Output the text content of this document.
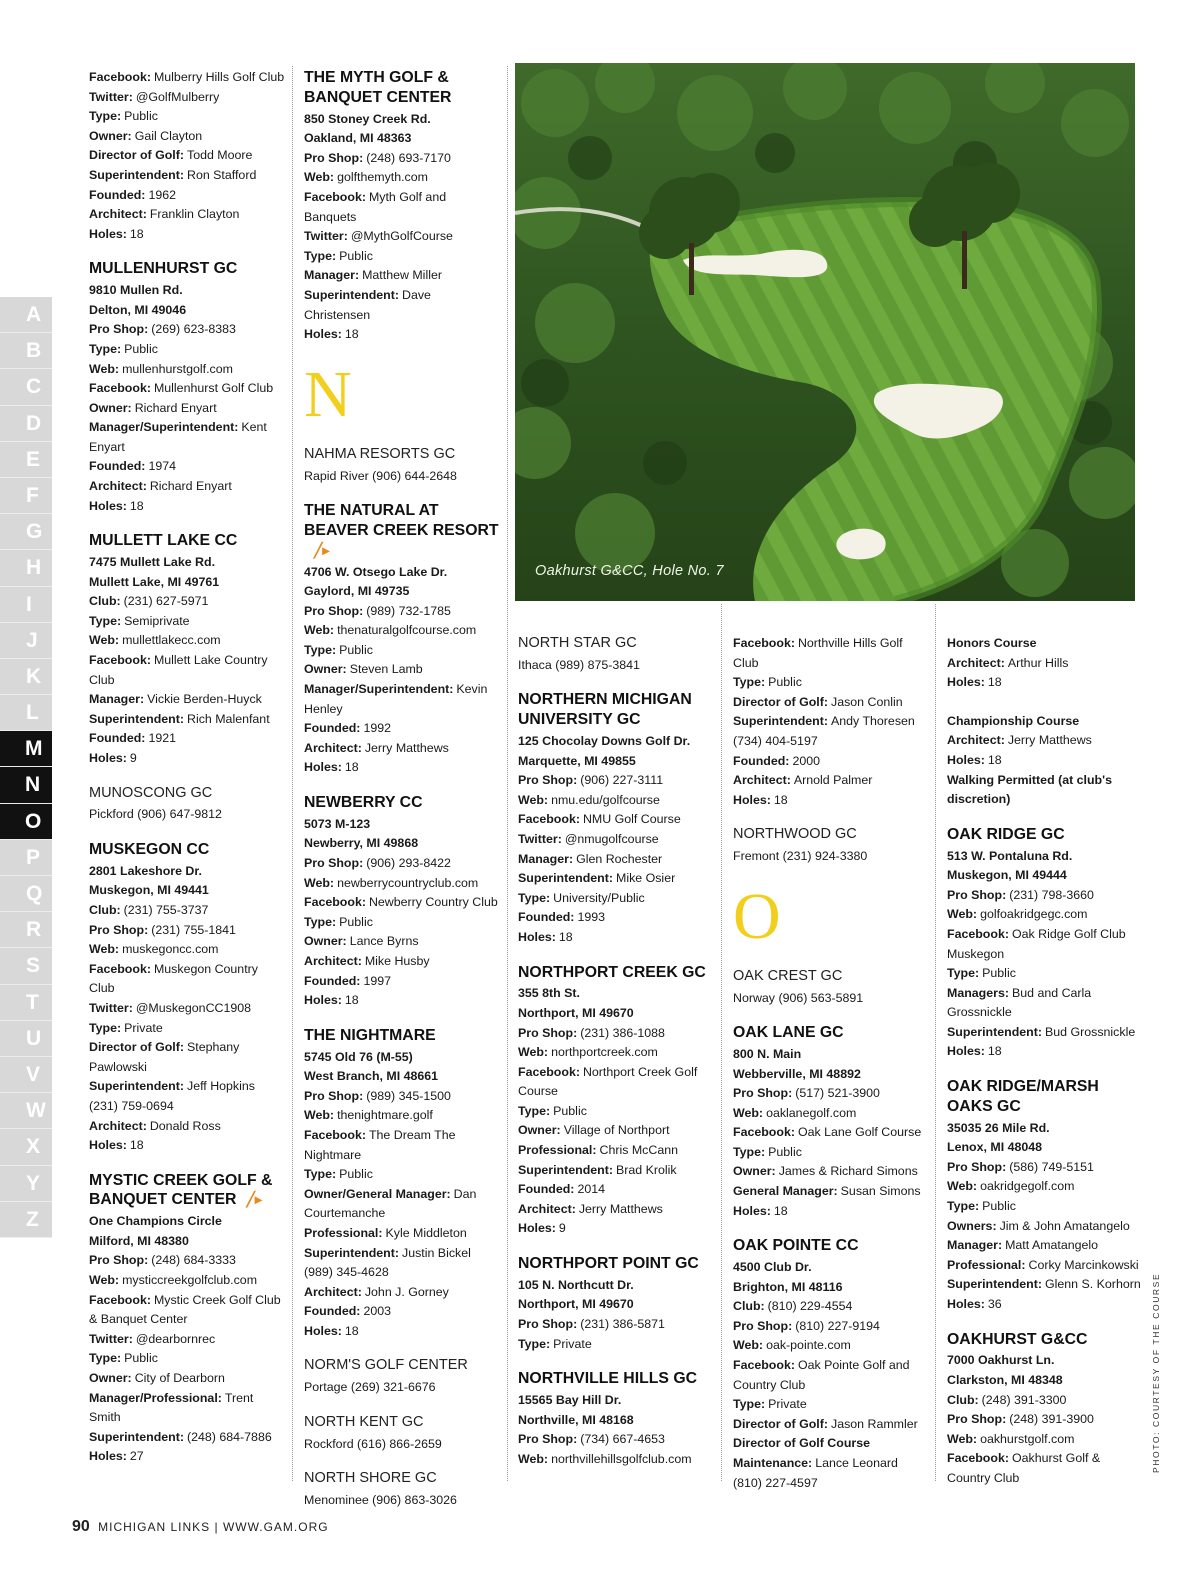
A
B
C
D
E
F
G
H
I
J
K
L
M
N
O
P
Q
R
S
T
U
V
W
X
Y
Z
Facebook: Mulberry Hills Golf Club
Twitter: @GolfMulberry
Type: Public
Owner: Gail Clayton
Director of Golf: Todd Moore
Superintendent: Ron Stafford
Founded: 1962
Architect: Franklin Clayton
Holes: 18
MULLENHURST GC
9810 Mullen Rd.
Delton, MI 49046
Pro Shop: (269) 623-8383
Type: Public
Web: mullenhurstgolf.com
Facebook: Mullenhurst Golf Club
Owner: Richard Enyart
Manager/Superintendent: Kent Enyart
Founded: 1974
Architect: Richard Enyart
Holes: 18
MULLETT LAKE CC
7475 Mullett Lake Rd.
Mullett Lake, MI 49761
Club: (231) 627-5971
Type: Semiprivate
Web: mullettlakecc.com
Facebook: Mullett Lake Country Club
Manager: Vickie Berden-Huyck
Superintendent: Rich Malenfant
Founded: 1921
Holes: 9
MUNOSCONG GC
Pickford (906) 647-9812
MUSKEGON CC
2801 Lakeshore Dr.
Muskegon, MI 49441
Club: (231) 755-3737
Pro Shop: (231) 755-1841
Web: muskegoncc.com
Facebook: Muskegon Country Club
Twitter: @MuskegonCC1908
Type: Private
Director of Golf: Stephany Pawlowski
Superintendent: Jeff Hopkins (231) 759-0694
Architect: Donald Ross
Holes: 18
MYSTIC CREEK GOLF & BANQUET CENTER ╱▸
One Champions Circle
Milford, MI 48380
Pro Shop: (248) 684-3333
Web: mysticcreekgolfclub.com
Facebook: Mystic Creek Golf Club & Banquet Center
Twitter: @dearbornrec
Type: Public
Owner: City of Dearborn
Manager/Professional: Trent Smith
Superintendent: (248) 684-7886
Holes: 27
THE MYTH GOLF & BANQUET CENTER
850 Stoney Creek Rd.
Oakland, MI 48363
Pro Shop: (248) 693-7170
Web: golfthemyth.com
Facebook: Myth Golf and Banquets
Twitter: @MythGolfCourse
Type: Public
Manager: Matthew Miller
Superintendent: Dave Christensen
Holes: 18
N
NAHMA RESORTS GC
Rapid River (906) 644-2648
THE NATURAL AT BEAVER CREEK RESORT╱▸
4706 W. Otsego Lake Dr.
Gaylord, MI 49735
Pro Shop: (989) 732-1785
Web: thenaturalgolfcourse.com
Type: Public
Owner: Steven Lamb
Manager/Superintendent: Kevin Henley
Founded: 1992
Architect: Jerry Matthews
Holes: 18
NEWBERRY CC
5073 M-123
Newberry, MI 49868
Pro Shop: (906) 293-8422
Web: newberrycountryclub.com
Facebook: Newberry Country Club
Type: Public
Owner: Lance Byrns
Architect: Mike Husby
Founded: 1997
Holes: 18
THE NIGHTMARE
5745 Old 76 (M-55)
West Branch, MI 48661
Pro Shop: (989) 345-1500
Web: thenightmare.golf
Facebook: The Dream The Nightmare
Type: Public
Owner/General Manager: Dan Courtemanche
Professional: Kyle Middleton
Superintendent: Justin Bickel (989) 345-4628
Architect: John J. Gorney
Founded: 2003
Holes: 18
NORM'S GOLF CENTER
Portage (269) 321-6676
NORTH KENT GC
Rockford (616) 866-2659
NORTH SHORE GC
Menominee (906) 863-3026
NORTH STAR GC
Ithaca (989) 875-3841
NORTHERN MICHIGAN UNIVERSITY GC
125 Chocolay Downs Golf Dr.
Marquette, MI 49855
Pro Shop: (906) 227-3111
Web: nmu.edu/golfcourse
Facebook: NMU Golf Course
Twitter: @nmugolfcourse
Manager: Glen Rochester
Superintendent: Mike Osier
Type: University/Public
Founded: 1993
Holes: 18
NORTHPORT CREEK GC
355 8th St.
Northport, MI 49670
Pro Shop: (231) 386-1088
Web: northportcreek.com
Facebook: Northport Creek Golf Course
Type: Public
Owner: Village of Northport
Professional: Chris McCann
Superintendent: Brad Krolik
Founded: 2014
Architect: Jerry Matthews
Holes: 9
NORTHPORT POINT GC
105 N. Northcutt Dr.
Northport, MI 49670
Pro Shop: (231) 386-5871
Type: Private
NORTHVILLE HILLS GC
15565 Bay Hill Dr.
Northville, MI 48168
Pro Shop: (734) 667-4653
Web: northvillehillsgolfclub.com
Facebook: Northville Hills Golf Club
Type: Public
Director of Golf: Jason Conlin
Superintendent: Andy Thoresen (734) 404-5197
Founded: 2000
Architect: Arnold Palmer
Holes: 18
NORTHWOOD GC
Fremont (231) 924-3380
O
OAK CREST GC
Norway (906) 563-5891
OAK LANE GC
800 N. Main
Webberville, MI 48892
Pro Shop: (517) 521-3900
Web: oaklanegolf.com
Facebook: Oak Lane Golf Course
Type: Public
Owner: James & Richard Simons
General Manager: Susan Simons
Holes: 18
OAK POINTE CC
4500 Club Dr.
Brighton, MI 48116
Club: (810) 229-4554
Pro Shop: (810) 227-9194
Web: oak-pointe.com
Facebook: Oak Pointe Golf and Country Club
Type: Private
Director of Golf: Jason Rammler
Director of Golf Course Maintenance: Lance Leonard (810) 227-4597
Honors Course
Architect: Arthur Hills
Holes: 18
Championship Course
Architect: Jerry Matthews
Holes: 18
Walking Permitted (at club's discretion)
OAK RIDGE GC
513 W. Pontaluna Rd.
Muskegon, MI 49444
Pro Shop: (231) 798-3660
Web: golfoakridgegc.com
Facebook: Oak Ridge Golf Club Muskegon
Type: Public
Managers: Bud and Carla Grossnickle
Superintendent: Bud Grossnickle
Holes: 18
OAK RIDGE/MARSH OAKS GC
35035 26 Mile Rd.
Lenox, MI 48048
Pro Shop: (586) 749-5151
Web: oakridgegolf.com
Type: Public
Owners: Jim & John Amatangelo
Manager: Matt Amatangelo
Professional: Corky Marcinkowski
Superintendent: Glenn S. Korhorn
Holes: 36
OAKHURST G&CC
7000 Oakhurst Ln.
Clarkston, MI 48348
Club: (248) 391-3300
Pro Shop: (248) 391-3900
Web: oakhurstgolf.com
Facebook: Oakhurst Golf & Country Club
Oakhurst G&CC, Hole No. 7
PHOTO: COURTESY OF THE COURSE
90 MICHIGAN LINKS | WWW.GAM.ORG
